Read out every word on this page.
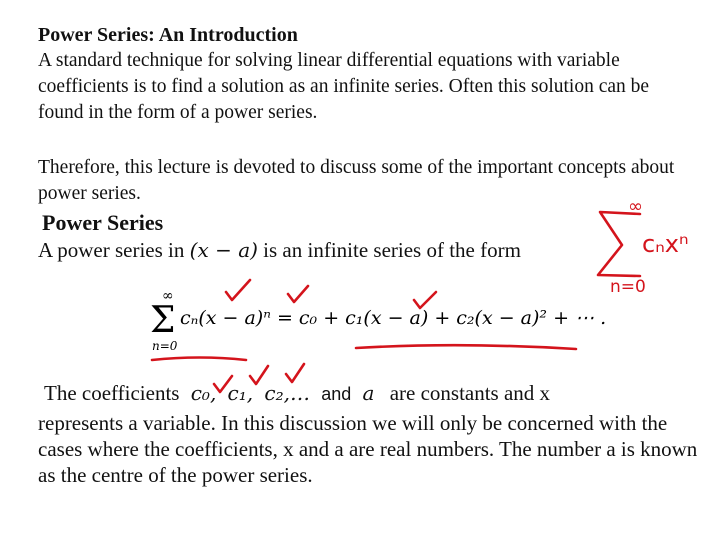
Power Series: An Introduction
A standard technique for solving linear differential equations with variable coefficients is to find a solution as an infinite series. Often this solution can be found in the form of a power series.
Therefore, this lecture is devoted to discuss some of the important concepts about power series.
Power Series
A power series in (x − a) is an infinite series of the form
∞
Σ
n=0
cₙ(x − a)ⁿ = c₀ + c₁(x − a) + c₂(x − a)² + ⋯ .
The coefficients c₀, c₁, c₂,… and a are constants and x
represents a variable. In this discussion we will only be concerned with the cases where the coefficients, x and a are real numbers. The number a is known as the centre of the power series.
∞
cₙxⁿ
n=0
